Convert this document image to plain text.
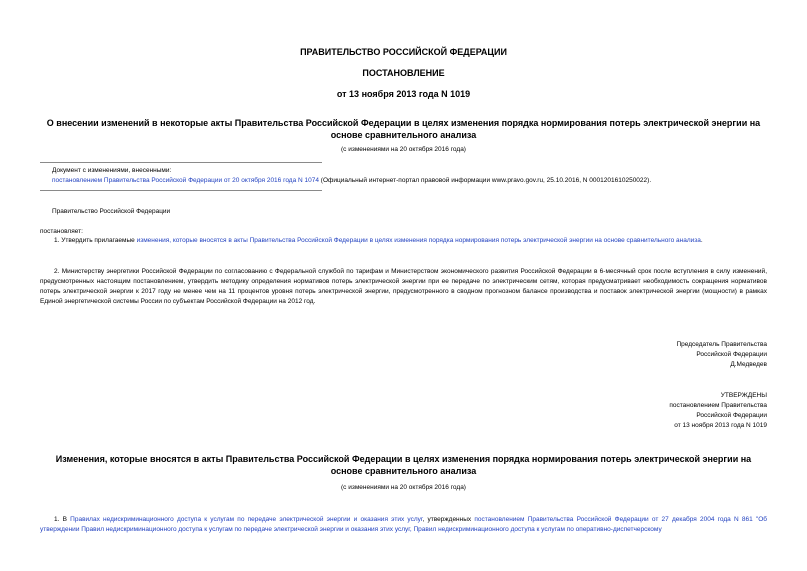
ПРАВИТЕЛЬСТВО РОССИЙСКОЙ ФЕДЕРАЦИИ
ПОСТАНОВЛЕНИЕ
от 13 ноября 2013 года N 1019
О внесении изменений в некоторые акты Правительства Российской Федерации в целях изменения порядка нормирования потерь электрической энергии на основе сравнительного анализа
(с изменениями на 20 октября 2016 года)
Документ с изменениями, внесенными:
постановлением Правительства Российской Федерации от 20 октября 2016 года N 1074 (Официальный интернет-портал правовой информации www.pravo.gov.ru, 25.10.2016, N 0001201610250022).
Правительство Российской Федерации
постановляет:
1. Утвердить прилагаемые изменения, которые вносятся в акты Правительства Российской Федерации в целях изменения порядка нормирования потерь электрической энергии на основе сравнительного анализа.
2. Министерству энергетики Российской Федерации по согласованию с Федеральной службой по тарифам и Министерством экономического развития Российской Федерации в 6-месячный срок после вступления в силу изменений, предусмотренных настоящим постановлением, утвердить методику определения нормативов потерь электрической энергии при ее передаче по электрическим сетям, которая предусматривает необходимость сокращения нормативов потерь электрической энергии к 2017 году не менее чем на 11 процентов уровня потерь электрической энергии, предусмотренного в сводном прогнозном балансе производства и поставок электрической энергии (мощности) в рамках Единой энергетической системы России по субъектам Российской Федерации на 2012 год.
Председатель Правительства
Российской Федерации
Д.Медведев
УТВЕРЖДЕНЫ
постановлением Правительства
Российской Федерации
от 13 ноября 2013 года N 1019
Изменения, которые вносятся в акты Правительства Российской Федерации в целях изменения порядка нормирования потерь электрической энергии на основе сравнительного анализа
(с изменениями на 20 октября 2016 года)
1. В Правилах недискриминационного доступа к услугам по передаче электрической энергии и оказания этих услуг, утвержденных постановлением Правительства Российской Федерации от 27 декабря 2004 года N 861 "Об утверждении Правил недискриминационного доступа к услугам по передаче электрической энергии и оказания этих услуг, Правил недискриминационного доступа к услугам по оперативно-диспетчерскому
